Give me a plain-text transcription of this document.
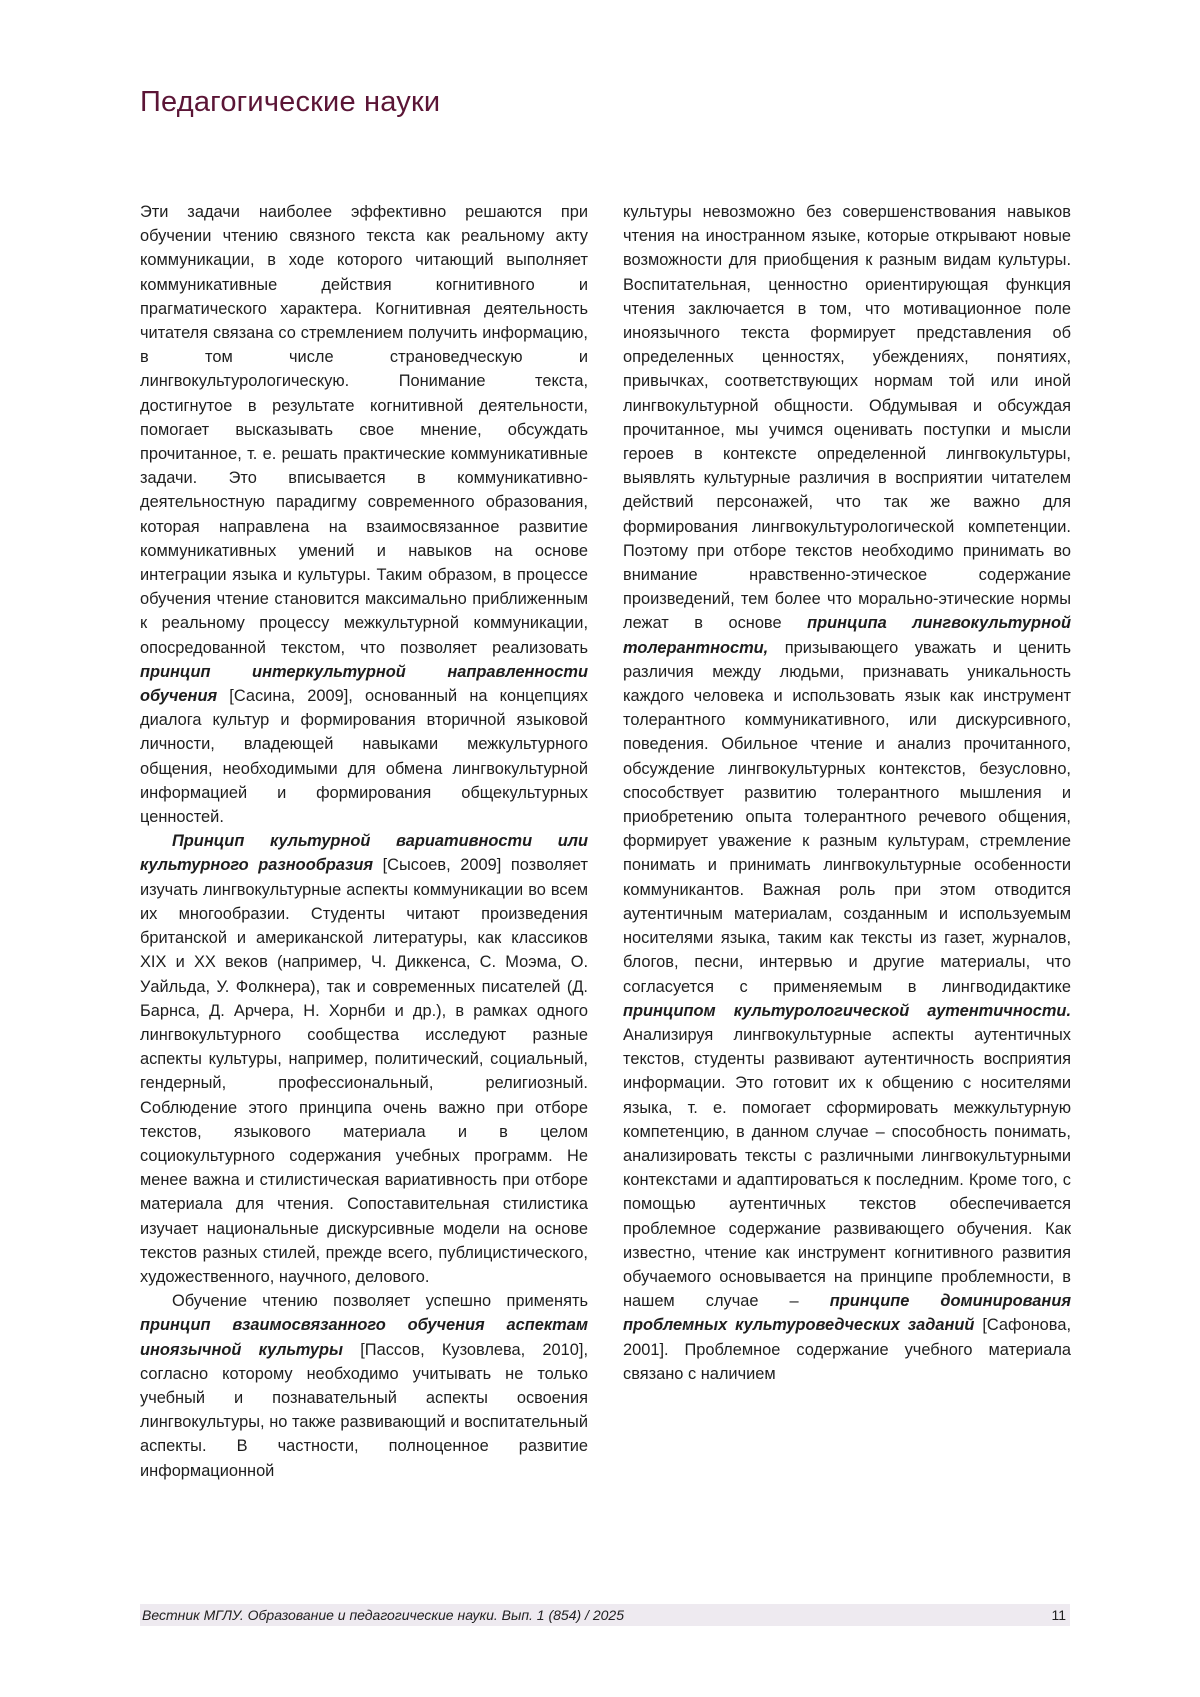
Педагогические науки

Эти задачи наиболее эффективно решаются при обучении чтению связного текста как реальному акту коммуникации, в ходе которого читающий выполняет коммуникативные действия когнитивного и прагматического характера. Когнитивная деятельность читателя связана со стремлением получить информацию, в том числе страноведческую и лингвокультурологическую. Понимание текста, достигнутое в результате когнитивной деятельности, помогает высказывать свое мнение, обсуждать прочитанное, т. е. решать практические коммуникативные задачи. Это вписывается в коммуникативно-деятельностную парадигму современного образования, которая направлена на взаимосвязанное развитие коммуникативных умений и навыков на основе интеграции языка и культуры. Таким образом, в процессе обучения чтение становится максимально приближенным к реальному процессу межкультурной коммуникации, опосредованной текстом, что позволяет реализовать принцип интеркультурной направленности обучения [Сасина, 2009], основанный на концепциях диалога культур и формирования вторичной языковой личности, владеющей навыками межкультурного общения, необходимыми для обмена лингвокультурной информацией и формирования общекультурных ценностей.

Принцип культурной вариативности или культурного разнообразия [Сысоев, 2009] позволяет изучать лингвокультурные аспекты коммуникации во всем их многообразии. Студенты читают произведения британской и американской литературы, как классиков XIX и XX веков (например, Ч. Диккенса, С. Моэма, О. Уайльда, У. Фолкнера), так и современных писателей (Д. Барнса, Д. Арчера, Н. Хорнби и др.), в рамках одного лингвокультурного сообщества исследуют разные аспекты культуры, например, политический, социальный, гендерный, профессиональный, религиозный. Соблюдение этого принципа очень важно при отборе текстов, языкового материала и в целом социокультурного содержания учебных программ. Не менее важна и стилистическая вариативность при отборе материала для чтения. Сопоставительная стилистика изучает национальные дискурсивные модели на основе текстов разных стилей, прежде всего, публицистического, художественного, научного, делового.

Обучение чтению позволяет успешно применять принцип взаимосвязанного обучения аспектам иноязычной культуры [Пассов, Кузовлева, 2010], согласно которому необходимо учитывать не только учебный и познавательный аспекты освоения лингвокультуры, но также развивающий и воспитательный аспекты. В частности, полноценное развитие информационной

культуры невозможно без совершенствования навыков чтения на иностранном языке, которые открывают новые возможности для приобщения к разным видам культуры. Воспитательная, ценностно ориентирующая функция чтения заключается в том, что мотивационное поле иноязычного текста формирует представления об определенных ценностях, убеждениях, понятиях, привычках, соответствующих нормам той или иной лингвокультурной общности. Обдумывая и обсуждая прочитанное, мы учимся оценивать поступки и мысли героев в контексте определенной лингвокультуры, выявлять культурные различия в восприятии читателем действий персонажей, что так же важно для формирования лингвокультурологической компетенции. Поэтому при отборе текстов необходимо принимать во внимание нравственно-этическое содержание произведений, тем более что морально-этические нормы лежат в основе принципа лингвокультурной толерантности, призывающего уважать и ценить различия между людьми, признавать уникальность каждого человека и использовать язык как инструмент толерантного коммуникативного, или дискурсивного, поведения. Обильное чтение и анализ прочитанного, обсуждение лингвокультурных контекстов, безусловно, способствует развитию толерантного мышления и приобретению опыта толерантного речевого общения, формирует уважение к разным культурам, стремление понимать и принимать лингвокультурные особенности коммуникантов. Важная роль при этом отводится аутентичным материалам, созданным и используемым носителями языка, таким как тексты из газет, журналов, блогов, песни, интервью и другие материалы, что согласуется с применяемым в лингводидактике принципом культурологической аутентичности. Анализируя лингвокультурные аспекты аутентичных текстов, студенты развивают аутентичность восприятия информации. Это готовит их к общению с носителями языка, т. е. помогает сформировать межкультурную компетенцию, в данном случае – способность понимать, анализировать тексты с различными лингвокультурными контекстами и адаптироваться к последним. Кроме того, с помощью аутентичных текстов обеспечивается проблемное содержание развивающего обучения. Как известно, чтение как инструмент когнитивного развития обучаемого основывается на принципе проблемности, в нашем случае – принципе доминирования проблемных культуроведческих заданий [Сафонова, 2001]. Проблемное содержание учебного материала связано с наличием

Вестник МГЛУ. Образование и педагогические науки. Вып. 1 (854) / 2025	11
